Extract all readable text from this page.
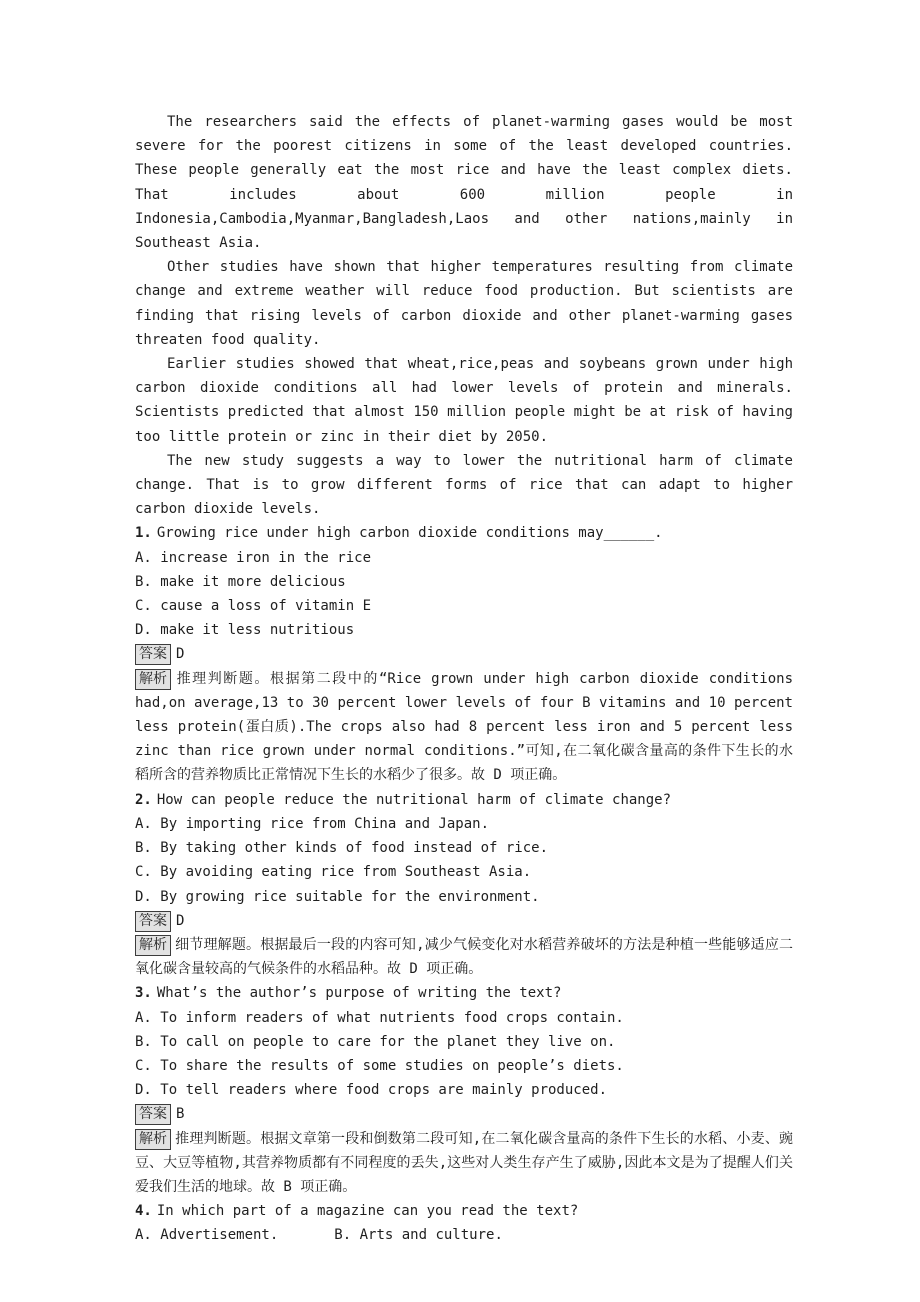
The researchers said the effects of planet-warming gases would be most severe for the poorest citizens in some of the least developed countries. These people generally eat the most rice and have the least complex diets. That includes about 600 million people in Indonesia,Cambodia,Myanmar,Bangladesh,Laos and other nations,mainly in Southeast Asia.

Other studies have shown that higher temperatures resulting from climate change and extreme weather will reduce food production. But scientists are finding that rising levels of carbon dioxide and other planet-warming gases threaten food quality.

Earlier studies showed that wheat,rice,peas and soybeans grown under high carbon dioxide conditions all had lower levels of protein and minerals. Scientists predicted that almost 150 million people might be at risk of having too little protein or zinc in their diet by 2050.

The new study suggests a way to lower the nutritional harm of climate change. That is to grow different forms of rice that can adapt to higher carbon dioxide levels.

1. Growing rice under high carbon dioxide conditions may______.

A. increase iron in the rice

B. make it more delicious

C. cause a loss of vitamin E

D. make it less nutritious

答案 D

解析 推理判断题。根据第二段中的“Rice grown under high carbon dioxide conditions had,on average,13 to 30 percent lower levels of four B vitamins and 10 percent less protein(蛋白质).The crops also had 8 percent less iron and 5 percent less zinc than rice grown under normal conditions.”可知,在二氧化碳含量高的条件下生长的水稻所含的营养物质比正常情况下生长的水稻少了很多。故 D 项正确。

2. How can people reduce the nutritional harm of climate change?

A. By importing rice from China and Japan.

B. By taking other kinds of food instead of rice.

C. By avoiding eating rice from Southeast Asia.

D. By growing rice suitable for the environment.

答案 D

解析 细节理解题。根据最后一段的内容可知,减少气候变化对水稻营养破坏的方法是种植一些能够适应二氧化碳含量较高的气候条件的水稻品种。故 D 项正确。

3. What’s the author’s purpose of writing the text?

A. To inform readers of what nutrients food crops contain.

B. To call on people to care for the planet they live on.

C. To share the results of some studies on people’s diets.

D. To tell readers where food crops are mainly produced.

答案 B

解析 推理判断题。根据文章第一段和倒数第二段可知,在二氧化碳含量高的条件下生长的水稻、小麦、豌豆、大豆等植物,其营养物质都有不同程度的丢失,这些对人类生存产生了威胁,因此本文是为了提醒人们关爱我们生活的地球。故 B 项正确。

4. In which part of a magazine can you read the text?

A. Advertisement.	B. Arts and culture.
